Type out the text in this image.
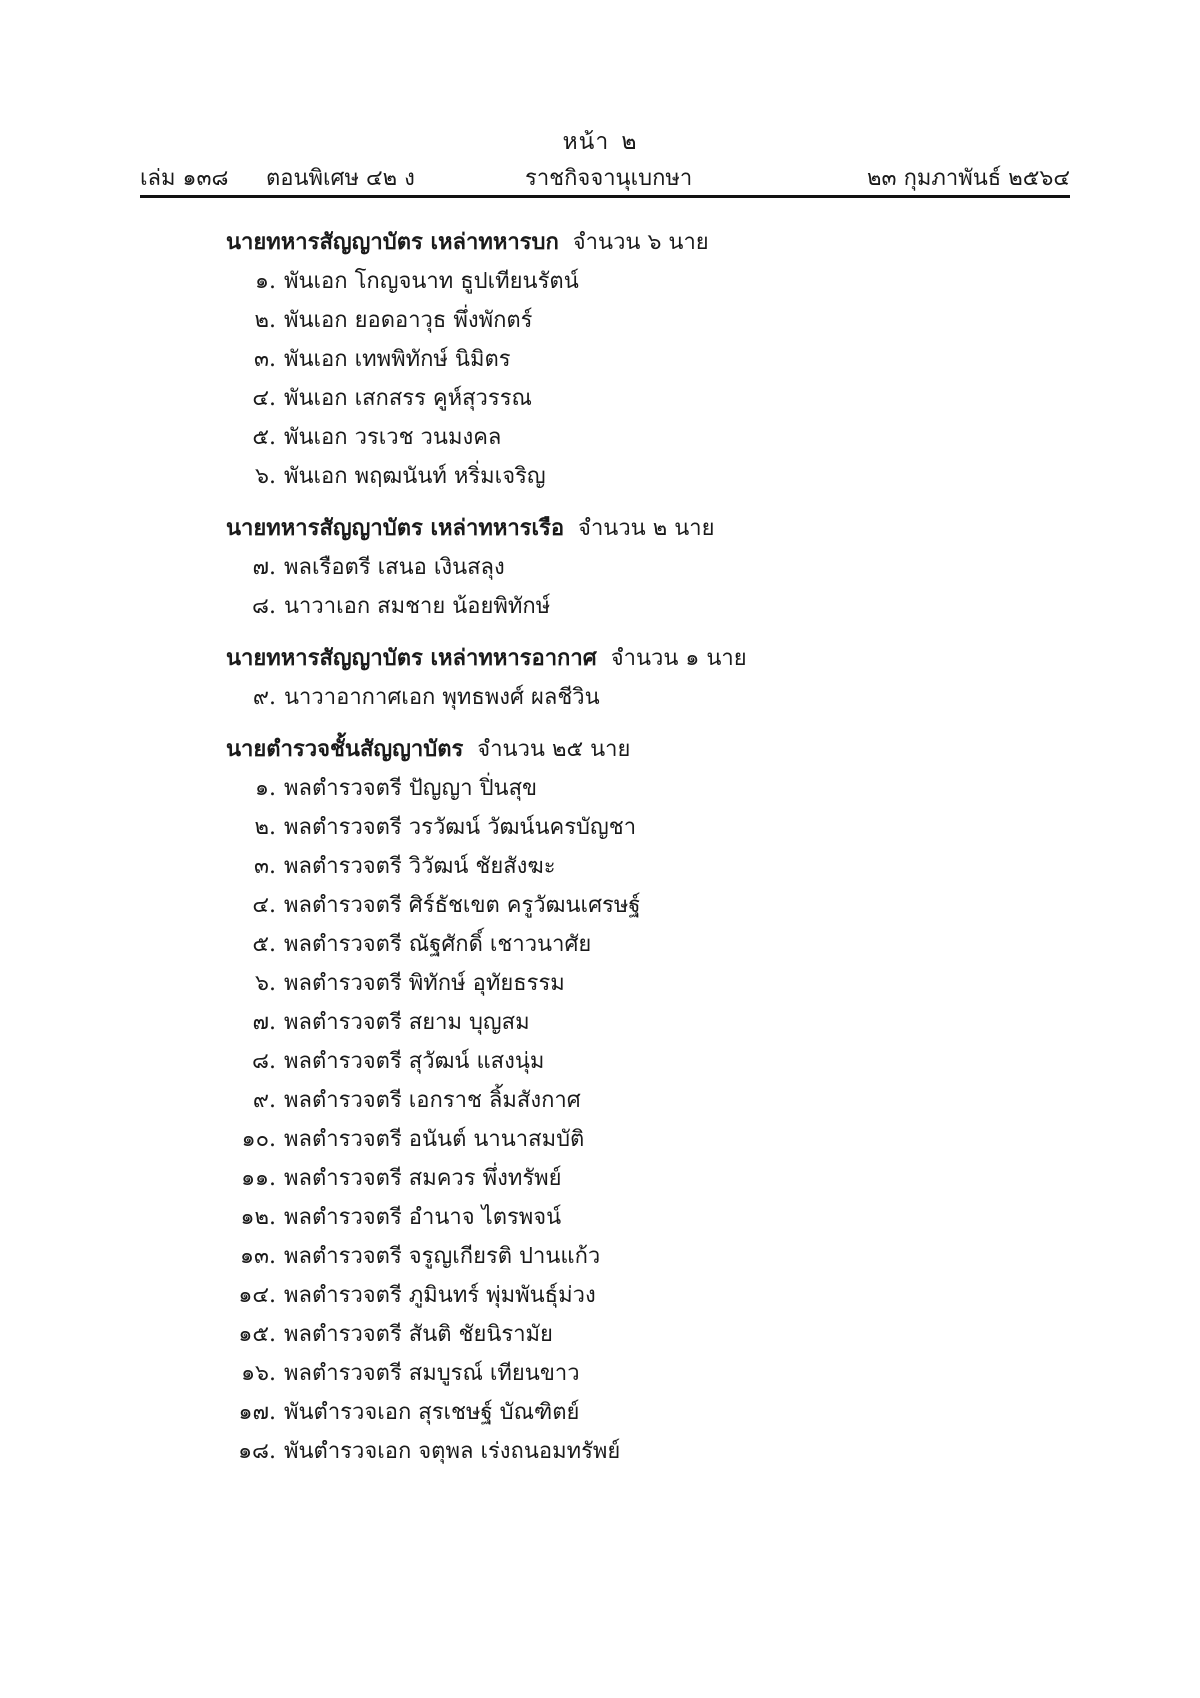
หน้า ๒
เล่ม ๑๓๘ ตอนพิเศษ ๔๒ ง	ราชกิจจานุเบกษา	๒๓ กุมภาพันธ์ ๒๕๖๔
นายทหารสัญญาบัตร เหล่าทหารบก จำนวน ๖ นาย
๑. พันเอก โกญจนาท ธูปเทียนรัตน์
๒. พันเอก ยอดอาวุธ พึ่งพักตร์
๓. พันเอก เทพพิทักษ์ นิมิตร
๔. พันเอก เสกสรร คูห์สุวรรณ
๕. พันเอก วรเวช วนมงคล
๖. พันเอก พฤฒนันท์ หริ่มเจริญ
นายทหารสัญญาบัตร เหล่าทหารเรือ จำนวน ๒ นาย
๗. พลเรือตรี เสนอ เงินสลุง
๘. นาวาเอก สมชาย น้อยพิทักษ์
นายทหารสัญญาบัตร เหล่าทหารอากาศ จำนวน ๑ นาย
๙. นาวาอากาศเอก พุทธพงศ์ ผลชีวิน
นายตำรวจชั้นสัญญาบัตร จำนวน ๒๕ นาย
๑. พลตำรวจตรี ปัญญา ปิ่นสุข
๒. พลตำรวจตรี วรวัฒน์ วัฒน์นครบัญชา
๓. พลตำรวจตรี วิวัฒน์ ชัยสังฆะ
๔. พลตำรวจตรี ศิร์ธัชเขต ครูวัฒนเศรษฐ์
๕. พลตำรวจตรี ณัฐศักดิ์ เชาวนาศัย
๖. พลตำรวจตรี พิทักษ์ อุทัยธรรม
๗. พลตำรวจตรี สยาม บุญสม
๘. พลตำรวจตรี สุวัฒน์ แสงนุ่ม
๙. พลตำรวจตรี เอกราช ลิ้มสังกาศ
๑๐. พลตำรวจตรี อนันต์ นานาสมบัติ
๑๑. พลตำรวจตรี สมควร พึ่งทรัพย์
๑๒. พลตำรวจตรี อำนาจ ไตรพจน์
๑๓. พลตำรวจตรี จรูญเกียรติ ปานแก้ว
๑๔. พลตำรวจตรี ภูมินทร์ พุ่มพันธุ์ม่วง
๑๕. พลตำรวจตรี สันติ ชัยนิรามัย
๑๖. พลตำรวจตรี สมบูรณ์ เทียนขาว
๑๗. พันตำรวจเอก สุรเชษฐ์ บัณฑิตย์
๑๘. พันตำรวจเอก จตุพล เร่งถนอมทรัพย์
